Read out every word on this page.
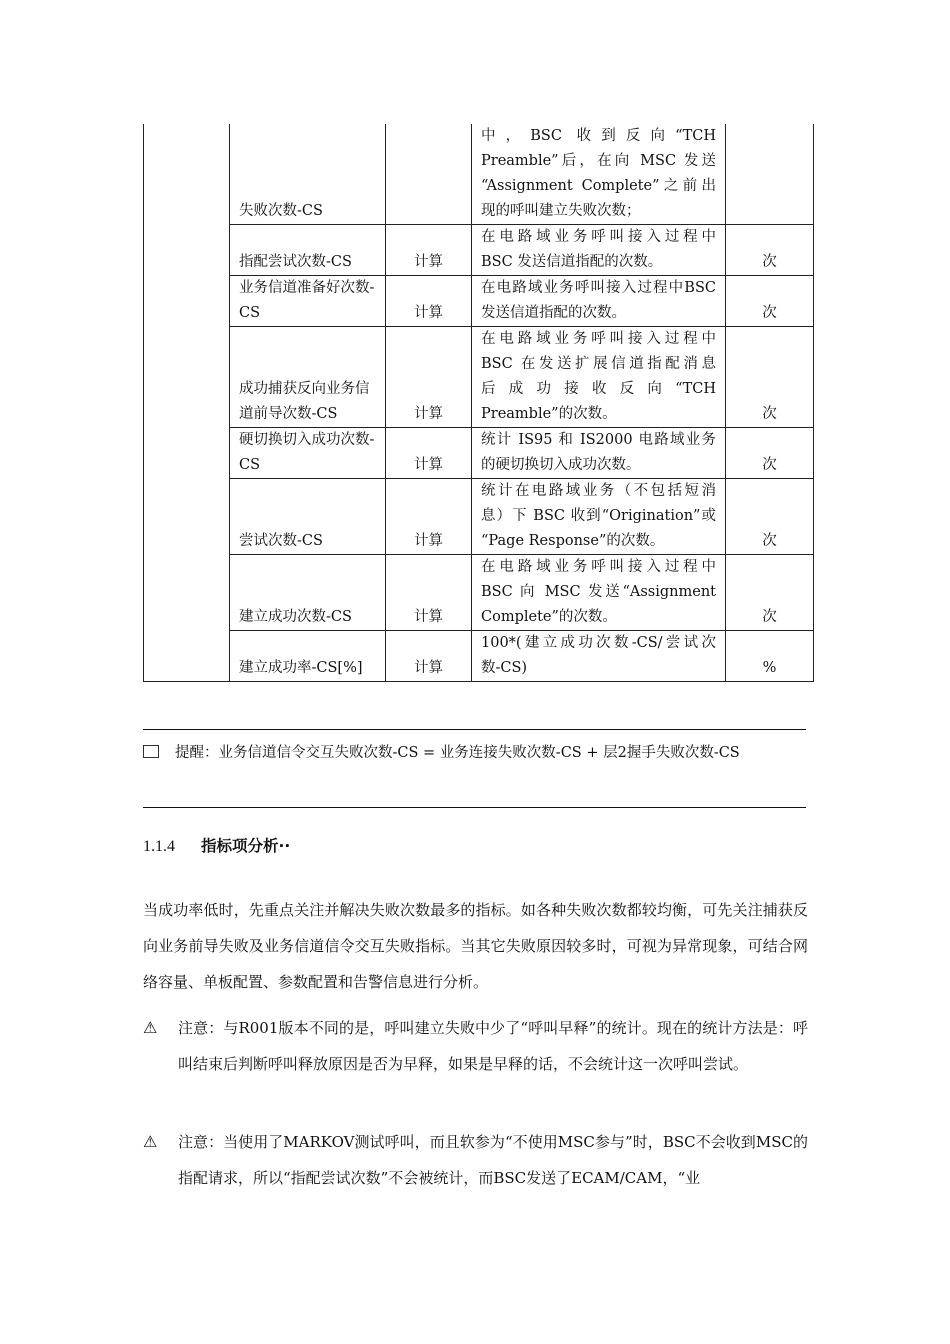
	失败次数-CS		中，BSC 收到反向“TCH
Preamble”后，在向 MSC 发送
“Assignment Complete”之前出
现的呼叫建立失败次数；	

	指配尝试次数-CS	计算	在电路域业务呼叫接入过程中
BSC 发送信道指配的次数。	次
	业务信道准备好次数-CS	计算	在电路域业务呼叫接入过程中BSC
发送信道指配的次数。	次
	成功捕获反向业务信道前导次数-CS	计算	在电路域业务呼叫接入过程中
BSC 在发送扩展信道指配消息
后成功接收反向“TCH
Preamble”的次数。	次
	硬切换切入成功次数-CS	计算	统计 IS95 和 IS2000 电路域业务
的硬切换切入成功次数。	次
	尝试次数-CS	计算	统计在电路域业务（不包括短消
息）下 BSC 收到“Origination”或
“Page Response”的次数。	次
	建立成功次数-CS	计算	在电路域业务呼叫接入过程中
BSC 向 MSC 发送“Assignment
Complete”的次数。	次
	建立成功率-CS[%]	计算	100*(建立成功次数-CS/尝试次
数-CS)	%
提醒：业务信道信令交互失败次数-CS = 业务连接失败次数-CS + 层2握手失败次数-CS
1.1.4 指标项分析··
当成功率低时，先重点关注并解决失败次数最多的指标。如各种失败次数都较均衡，可先关注捕获反向业务前导失败及业务信道信令交互失败指标。当其它失败原因较多时，可视为异常现象，可结合网络容量、单板配置、参数配置和告警信息进行分析。
⚠	注意：与R001版本不同的是，呼叫建立失败中少了“呼叫早释”的统计。现在的统计方法是：呼叫结束后判断呼叫释放原因是否为早释，如果是早释的话，不会统计这一次呼叫尝试。
⚠	注意：当使用了MARKOV测试呼叫，而且软参为“不使用MSC参与”时，BSC不会收到MSC的指配请求，所以“指配尝试次数”不会被统计，而BSC发送了ECAM/CAM，“业
